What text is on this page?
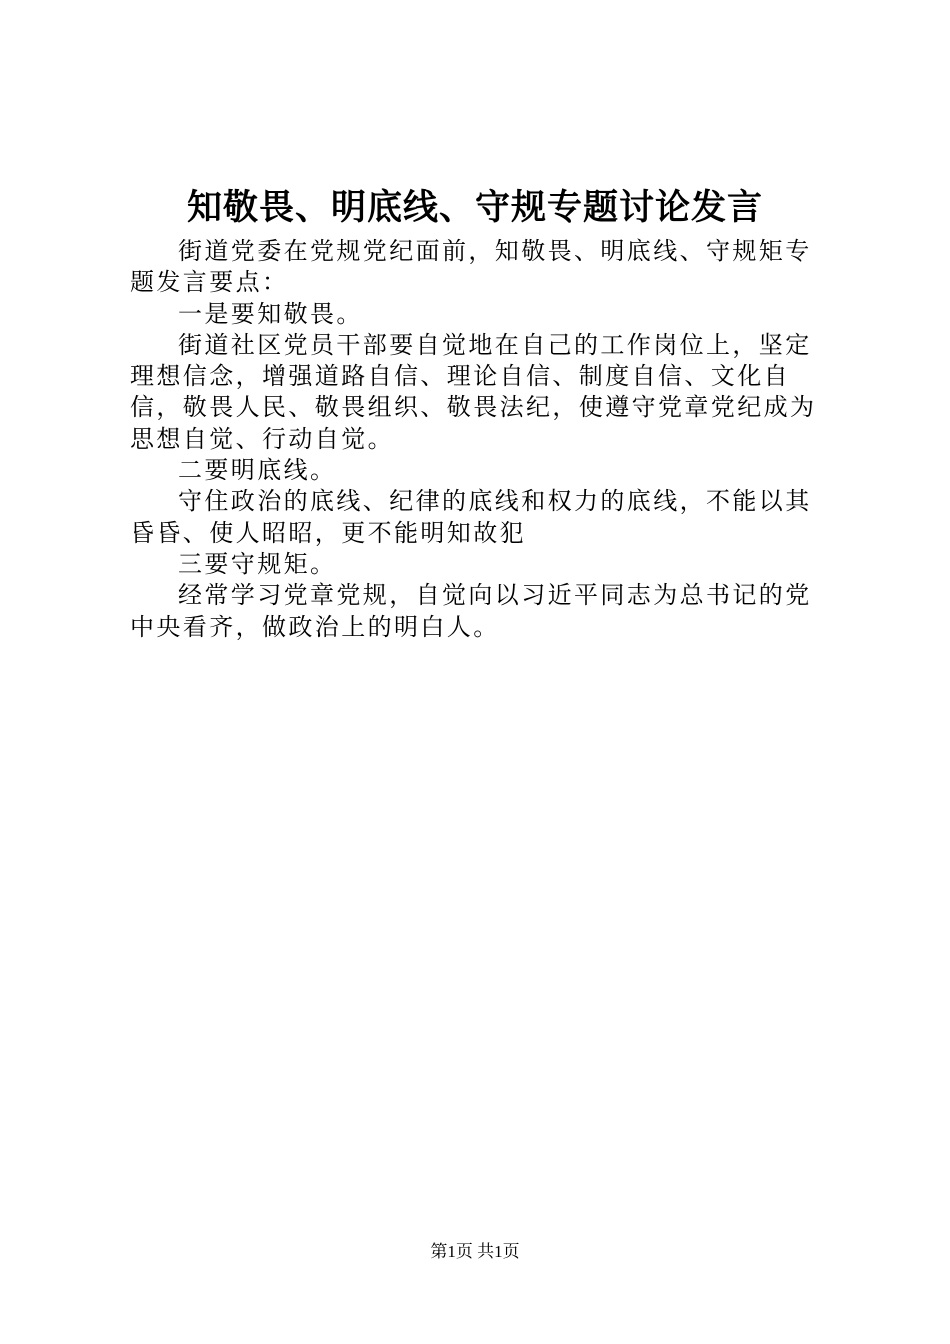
知敬畏、明底线、守规专题讨论发言

街道党委在党规党纪面前，知敬畏、明底线、守规矩专题发言要点：

一是要知敬畏。

街道社区党员干部要自觉地在自己的工作岗位上，坚定理想信念，增强道路自信、理论自信、制度自信、文化自信，敬畏人民、敬畏组织、敬畏法纪，使遵守党章党纪成为思想自觉、行动自觉。

二要明底线。

守住政治的底线、纪律的底线和权力的底线，不能以其昏昏、使人昭昭，更不能明知故犯

三要守规矩。

经常学习党章党规，自觉向以习近平同志为总书记的党中央看齐，做政治上的明白人。

第1页 共1页
